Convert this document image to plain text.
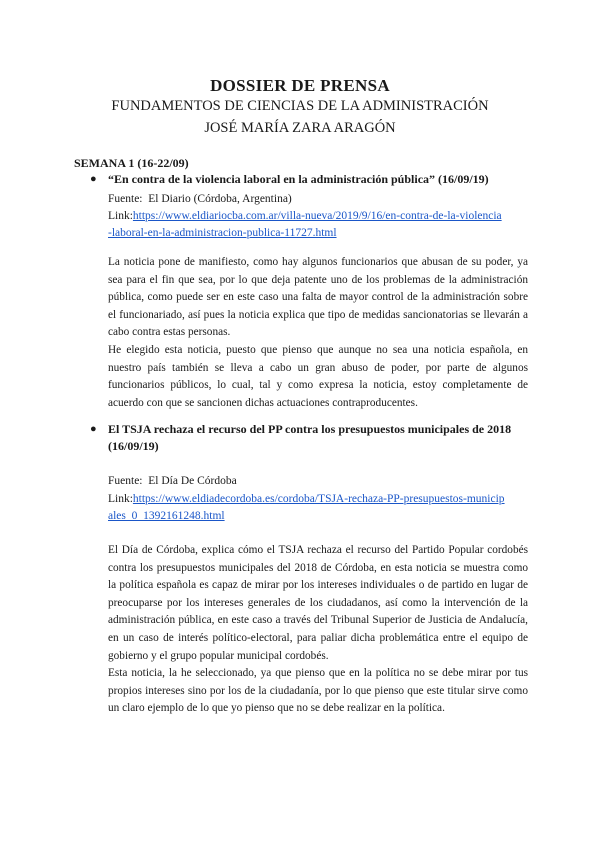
DOSSIER DE PRENSA
FUNDAMENTOS DE CIENCIAS DE LA ADMINISTRACIÓN
JOSÉ MARÍA ZARA ARAGÓN
SEMANA 1 (16-22/09)
● “En contra de la violencia laboral en la administración pública” (16/09/19)
Fuente: El Diario (Córdoba, Argentina)
Link:https://www.eldiariocba.com.ar/villa-nueva/2019/9/16/en-contra-de-la-violencia
-laboral-en-la-administracion-publica-11727.html

La noticia pone de manifiesto, como hay algunos funcionarios que abusan de su poder, ya sea para el fin que sea, por lo que deja patente uno de los problemas de la administración pública, como puede ser en este caso una falta de mayor control de la administración sobre el funcionariado, así pues la noticia explica que tipo de medidas sancionatorias se llevarán a cabo contra estas personas.

He elegido esta noticia, puesto que pienso que aunque no sea una noticia española, en nuestro país también se lleva a cabo un gran abuso de poder, por parte de algunos funcionarios públicos, lo cual, tal y como expresa la noticia, estoy completamente de acuerdo con que se sancionen dichas actuaciones contraproducentes.

● El TSJA rechaza el recurso del PP contra los presupuestos municipales de 2018 (16/09/19)
Fuente: El Día De Córdoba
Link:https://www.eldiadecordoba.es/cordoba/TSJA-rechaza-PP-presupuestos-municip
ales_0_1392161248.html

El Día de Córdoba, explica cómo el TSJA rechaza el recurso del Partido Popular cordobés contra los presupuestos municipales del 2018 de Córdoba, en esta noticia se muestra como la política española es capaz de mirar por los intereses individuales o de partido en lugar de preocuparse por los intereses generales de los ciudadanos, así como la intervención de la administración pública, en este caso a través del Tribunal Superior de Justicia de Andalucía, en un caso de interés político-electoral, para paliar dicha problemática entre el equipo de gobierno y el grupo popular municipal cordobés.

Esta noticia, la he seleccionado, ya que pienso que en la política no se debe mirar por tus propios intereses sino por los de la ciudadanía, por lo que pienso que este titular sirve como un claro ejemplo de lo que yo pienso que no se debe realizar en la política.
